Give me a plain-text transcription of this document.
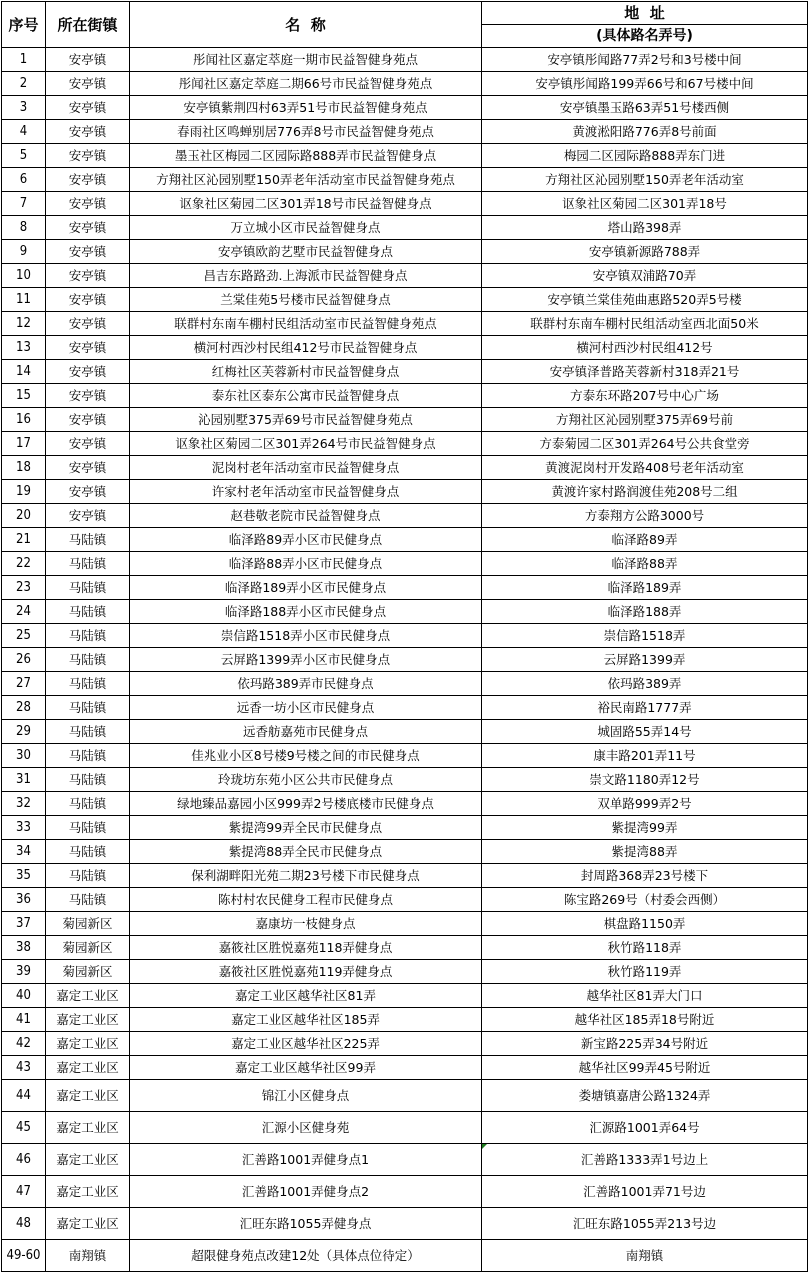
序号	所在街镇	名  称	地  址
			(具体路名弄号)
1	安亭镇	彤闻社区嘉定萃庭一期市民益智健身苑点	安亭镇彤闻路77弄2号和3号楼中间
2	安亭镇	彤闻社区嘉定萃庭二期66号市民益智健身苑点	安亭镇彤闻路199弄66号和67号楼中间
3	安亭镇	安亭镇紫荆四村63弄51号市民益智健身苑点	安亭镇墨玉路63弄51号楼西侧
4	安亭镇	春雨社区鸣蝉别居776弄8号市民益智健身苑点	黄渡淞阳路776弄8号前面
5	安亭镇	墨玉社区梅园二区园际路888弄市民益智健身点	梅园二区园际路888弄东门进
6	安亭镇	方翔社区沁园别墅150弄老年活动室市民益智健身苑点	方翔社区沁园别墅150弄老年活动室
7	安亭镇	讴象社区菊园二区301弄18号市民益智健身点	讴象社区菊园二区301弄18号
8	安亭镇	万立城小区市民益智健身点	塔山路398弄
9	安亭镇	安亭镇欧韵艺墅市民益智健身点	安亭镇新源路788弄
10	安亭镇	昌吉东路路劲.上海派市民益智健身点	安亭镇双浦路70弄
11	安亭镇	兰棠佳苑5号楼市民益智健身点	安亭镇兰棠佳苑曲惠路520弄5号楼
12	安亭镇	联群村东南车棚村民组活动室市民益智健身苑点	联群村东南车棚村民组活动室西北面50米
13	安亭镇	横河村西沙村民组412号市民益智健身点	横河村西沙村民组412号
14	安亭镇	红梅社区芙蓉新村市民益智健身点	安亭镇泽普路芙蓉新村318弄21号
15	安亭镇	泰东社区泰东公寓市民益智健身点	方泰东环路207号中心广场
16	安亭镇	沁园别墅375弄69号市民益智健身苑点	方翔社区沁园别墅375弄69号前
17	安亭镇	讴象社区菊园二区301弄264号市民益智健身点	方泰菊园二区301弄264号公共食堂旁
18	安亭镇	泥岗村老年活动室市民益智健身点	黄渡泥岗村开发路408号老年活动室
19	安亭镇	许家村老年活动室市民益智健身点	黄渡许家村路润渡佳苑208号二组
20	安亭镇	赵巷敬老院市民益智健身点	方泰翔方公路3000号
21	马陆镇	临泽路89弄小区市民健身点	临泽路89弄
22	马陆镇	临泽路88弄小区市民健身点	临泽路88弄
23	马陆镇	临泽路189弄小区市民健身点	临泽路189弄
24	马陆镇	临泽路188弄小区市民健身点	临泽路188弄
25	马陆镇	崇信路1518弄小区市民健身点	崇信路1518弄
26	马陆镇	云屏路1399弄小区市民健身点	云屏路1399弄
27	马陆镇	依玛路389弄市民健身点	依玛路389弄
28	马陆镇	远香一坊小区市民健身点	裕民南路1777弄
29	马陆镇	远香舫嘉苑市民健身点	城固路55弄14号
30	马陆镇	佳兆业小区8号楼9号楼之间的市民健身点	康丰路201弄11号
31	马陆镇	玲珑坊东苑小区公共市民健身点	崇文路1180弄12号
32	马陆镇	绿地臻品嘉园小区999弄2号楼底楼市民健身点	双单路999弄2号
33	马陆镇	紫提湾99弄全民市民健身点	紫提湾99弄
34	马陆镇	紫提湾88弄全民市民健身点	紫提湾88弄
35	马陆镇	保利湖畔阳光苑二期23号楼下市民健身点	封周路368弄23号楼下
36	马陆镇	陈村村农民健身工程市民健身点	陈宝路269号（村委会西侧）
37	菊园新区	嘉康坊一枝健身点	棋盘路1150弄
38	菊园新区	嘉筱社区胜悦嘉苑118弄健身点	秋竹路118弄
39	菊园新区	嘉筱社区胜悦嘉苑119弄健身点	秋竹路119弄
40	嘉定工业区	嘉定工业区越华社区81弄	越华社区81弄大门口
41	嘉定工业区	嘉定工业区越华社区185弄	越华社区185弄18号附近
42	嘉定工业区	嘉定工业区越华社区225弄	新宝路225弄34号附近
43	嘉定工业区	嘉定工业区越华社区99弄	越华社区99弄45号附近
44	嘉定工业区	锦江小区健身点	娄塘镇嘉唐公路1324弄
45	嘉定工业区	汇源小区健身苑	汇源路1001弄64号
46	嘉定工业区	汇善路1001弄健身点1	汇善路1333弄1号边上

47	嘉定工业区	汇善路1001弄健身点2	汇善路1001弄71号边
48	嘉定工业区	汇旺东路1055弄健身点	汇旺东路1055弄213号边
49-60	南翔镇	超限健身苑点改建12处（具体点位待定）	南翔镇
